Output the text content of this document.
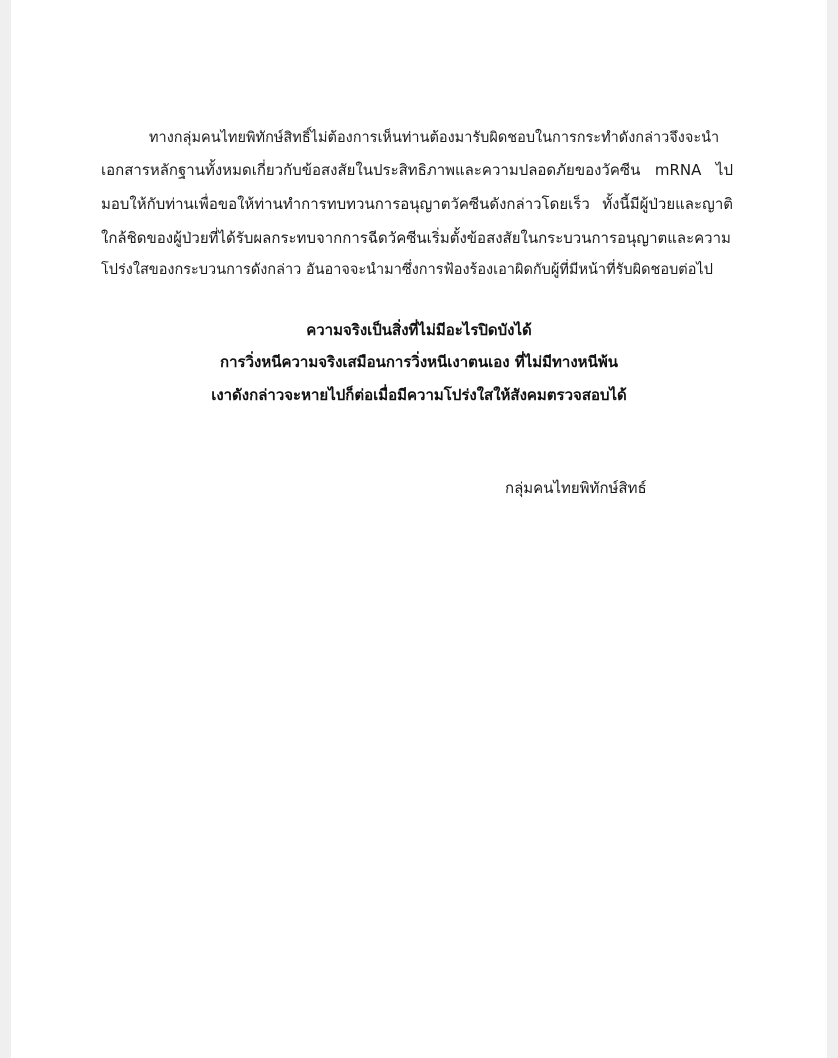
ทางกลุ่มคนไทยพิทักษ์สิทธิ์ไม่ต้องการเห็นท่านต้องมารับผิดชอบในการกระทำดังกล่าวจึงจะนำ
เอกสารหลักฐานทั้งหมดเกี่ยวกับข้อสงสัยในประสิทธิภาพและความปลอดภัยของวัคซีน mRNA ไป
มอบให้กับท่านเพื่อขอให้ท่านทำการทบทวนการอนุญาตวัคซีนดังกล่าวโดยเร็ว ทั้งนี้มีผู้ป่วยและญาติ
ใกล้ชิดของผู้ป่วยที่ได้รับผลกระทบจากการฉีดวัคซีนเริ่มตั้งข้อสงสัยในกระบวนการอนุญาตและความ
โปร่งใสของกระบวนการดังกล่าว อันอาจจะนำมาซึ่งการฟ้องร้องเอาผิดกับผู้ที่มีหน้าที่รับผิดชอบต่อไป
ความจริงเป็นสิ่งที่ไม่มีอะไรปิดบังได้
การวิ่งหนีความจริงเสมือนการวิ่งหนีเงาตนเอง ที่ไม่มีทางหนีพ้น
เงาดังกล่าวจะหายไปก็ต่อเมื่อมีความโปร่งใสให้สังคมตรวจสอบได้
กลุ่มคนไทยพิทักษ์สิทธ์
